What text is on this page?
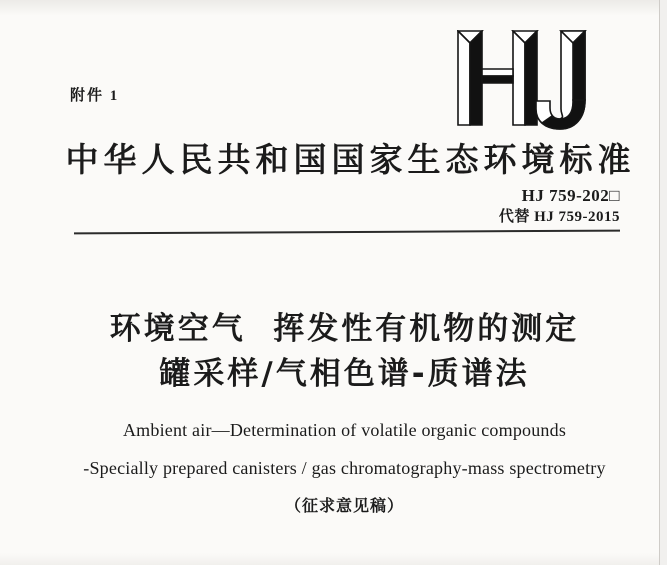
附件 1
中华人民共和国国家生态环境标准
HJ 759-202□
代替 HJ 759-2015
环境空气  挥发性有机物的测定
罐采样/气相色谱-质谱法
Ambient air—Determination of volatile organic compounds
-Specially prepared canisters / gas chromatography-mass spectrometry
（征求意见稿）
